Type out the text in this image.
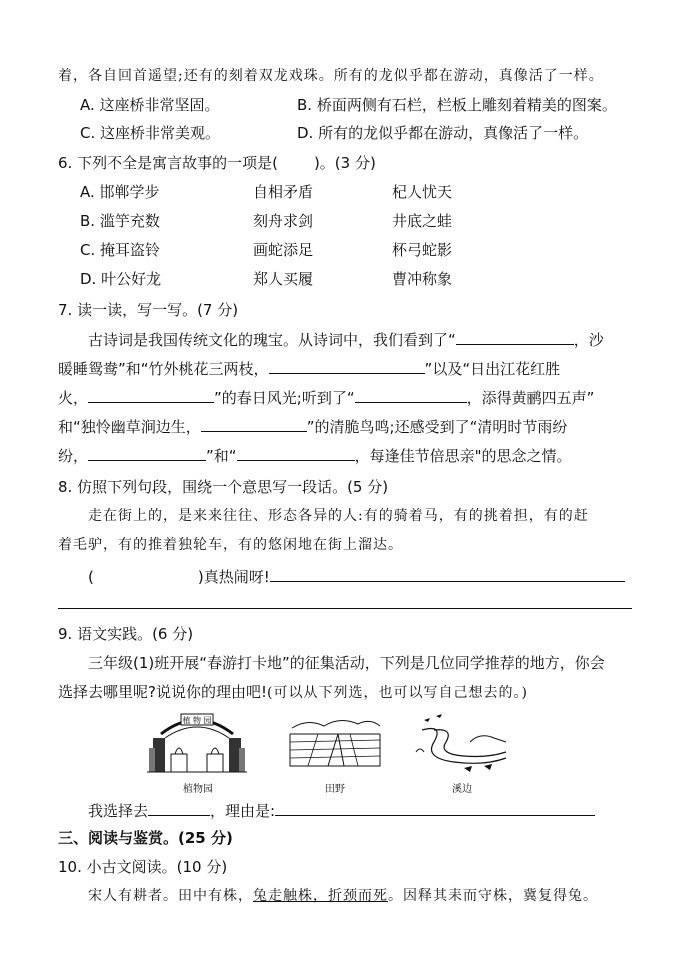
着，各自回首遥望;还有的刻着双龙戏珠。所有的龙似乎都在游动，真像活了一样。
A. 这座桥非常坚固。	B. 桥面两侧有石栏，栏板上雕刻着精美的图案。
C. 这座桥非常美观。	D. 所有的龙似乎都在游动，真像活了一样。
6. 下列不全是寓言故事的一项是( )。(3 分)
A. 邯郸学步	自相矛盾	杞人忧天
B. 滥竽充数	刻舟求剑	井底之蛙
C. 掩耳盗铃	画蛇添足	杯弓蛇影
D. 叶公好龙	郑人买履	曹冲称象
7. 读一读，写一写。(7 分)
古诗词是我国传统文化的瑰宝。从诗词中，我们看到了“	，沙
暖睡鸳鸯”和“竹外桃花三两枝，	”以及“日出江花红胜
火，	”的春日风光;听到了“	，添得黄鹂四五声”
和“独怜幽草涧边生，	”的清脆鸟鸣;还感受到了“清明时节雨纷
纷，	”和“	，每逢佳节倍思亲"的思念之情。
8. 仿照下列句段，围绕一个意思写一段话。(5 分)
走在街上的，是来来往往、形态各异的人:有的骑着马，有的挑着担，有的赶
着毛驴，有的推着独轮车，有的悠闲地在街上溜达。
(	)真热闹呀!
9. 语文实践。(6 分)
三年级(1)班开展“春游打卡地”的征集活动，下列是几位同学推荐的地方，你会
选择去哪里呢?说说你的理由吧!(可以从下列选，也可以写自己想去的。)
植 物 园
植物园	田野	溪边
我选择去	，理由是:
三、阅读与鉴赏。(25 分)
10. 小古文阅读。(10 分)
宋人有耕者。田中有株，兔走触株，折颈而死。因释其耒而守株，冀复得兔。
